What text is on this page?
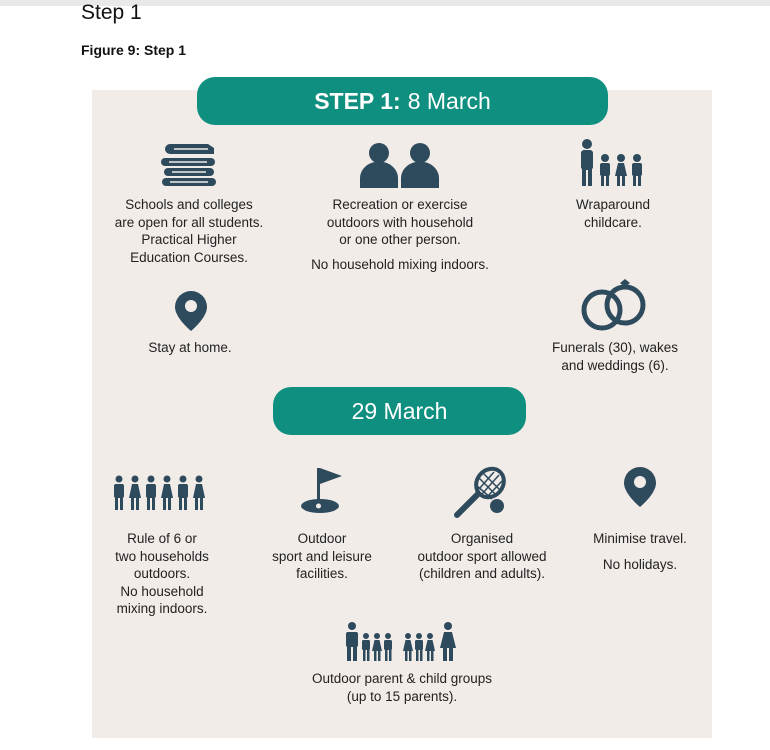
Step 1
Figure 9: Step 1
STEP 1: 8 March
Schools and colleges
are open for all students.
Practical Higher
Education Courses.
Recreation or exercise
outdoors with household
or one other person.
No household mixing indoors.
Wraparound
childcare.
Stay at home.	Funerals (30), wakes
and weddings (6).
29 March
Rule of 6 or
two households
outdoors.
No household
mixing indoors.
Outdoor
sport and leisure
facilities.
Organised
outdoor sport allowed
(children and adults).
Minimise travel.
No holidays.
Outdoor parent & child groups
(up to 15 parents).
